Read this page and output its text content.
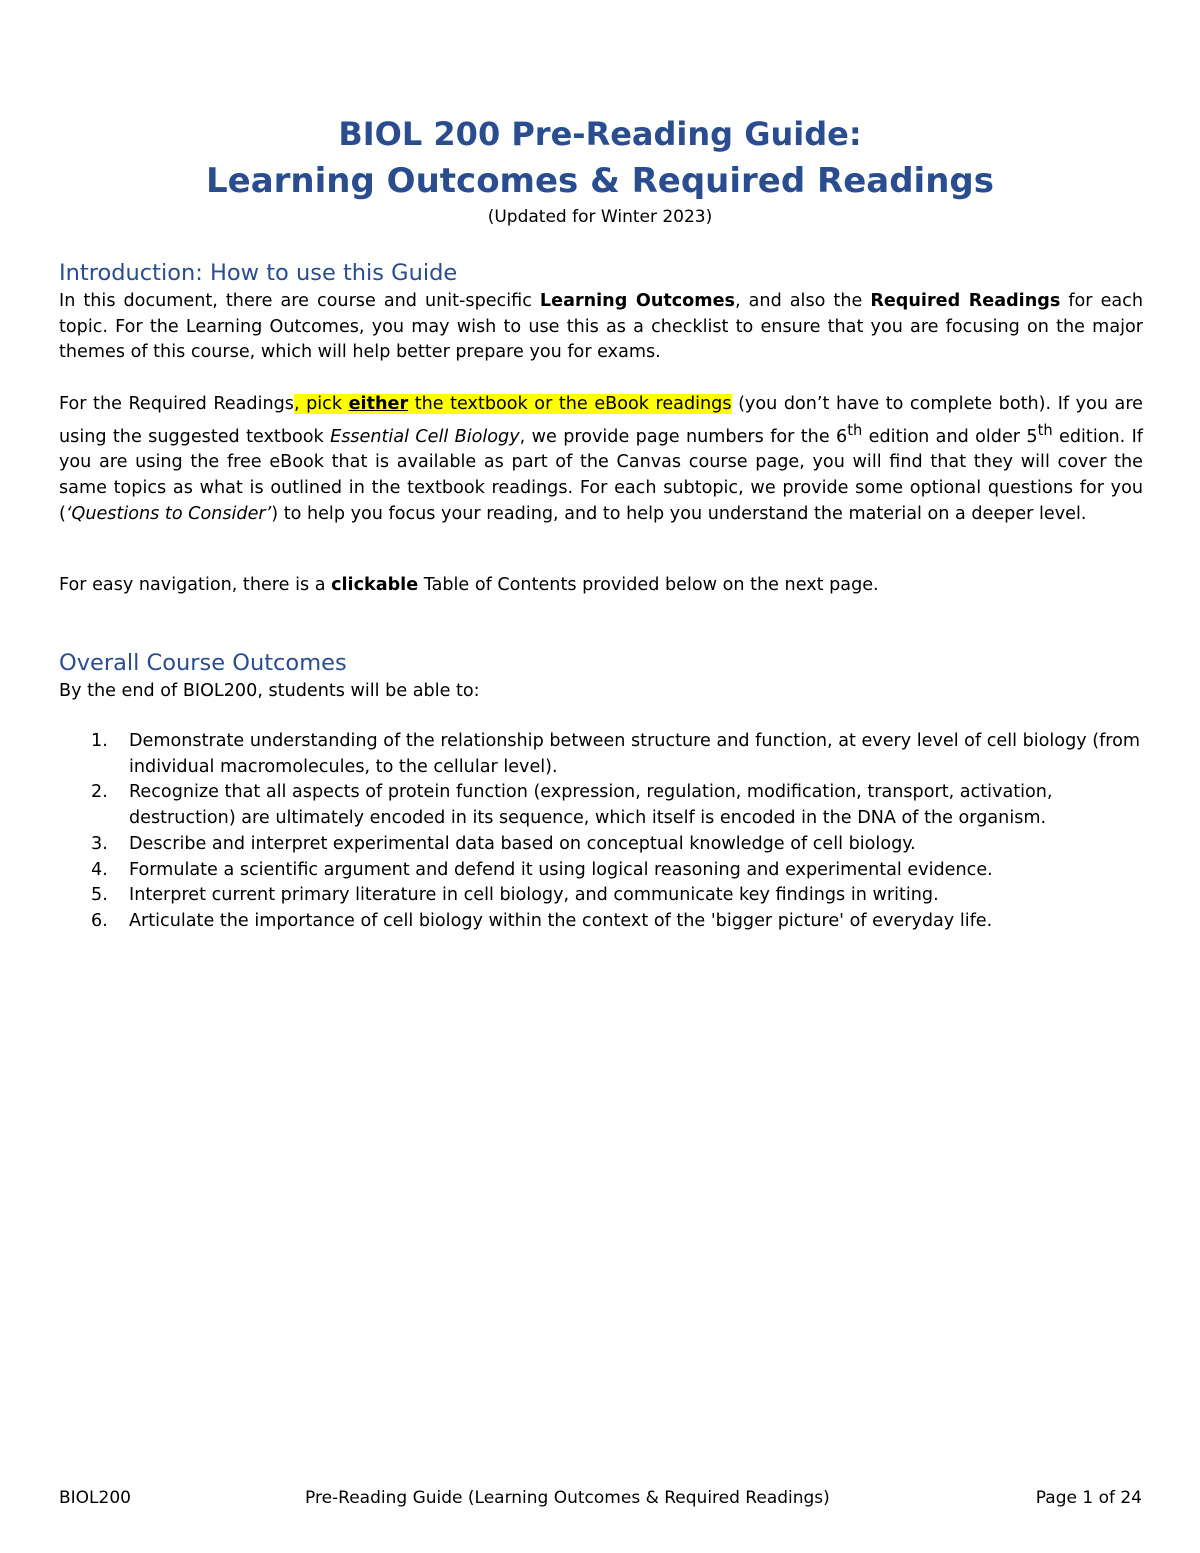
BIOL 200 Pre-Reading Guide:
Learning Outcomes & Required Readings
(Updated for Winter 2023)
Introduction: How to use this Guide
In this document, there are course and unit-specific Learning Outcomes, and also the Required Readings for each topic. For the Learning Outcomes, you may wish to use this as a checklist to ensure that you are focusing on the major themes of this course, which will help better prepare you for exams.
For the Required Readings, pick either the textbook or the eBook readings (you don’t have to complete both). If you are using the suggested textbook Essential Cell Biology, we provide page numbers for the 6th edition and older 5th edition. If you are using the free eBook that is available as part of the Canvas course page, you will find that they will cover the same topics as what is outlined in the textbook readings. For each subtopic, we provide some optional questions for you (‘Questions to Consider’) to help you focus your reading, and to help you understand the material on a deeper level.
For easy navigation, there is a clickable Table of Contents provided below on the next page.
Overall Course Outcomes
By the end of BIOL200, students will be able to:
1. Demonstrate understanding of the relationship between structure and function, at every level of cell biology (from individual macromolecules, to the cellular level).
2. Recognize that all aspects of protein function (expression, regulation, modification, transport, activation, destruction) are ultimately encoded in its sequence, which itself is encoded in the DNA of the organism.
3. Describe and interpret experimental data based on conceptual knowledge of cell biology.
4. Formulate a scientific argument and defend it using logical reasoning and experimental evidence.
5. Interpret current primary literature in cell biology, and communicate key findings in writing.
6. Articulate the importance of cell biology within the context of the 'bigger picture' of everyday life.
BIOL200	Pre-Reading Guide (Learning Outcomes & Required Readings)	Page 1 of 24
